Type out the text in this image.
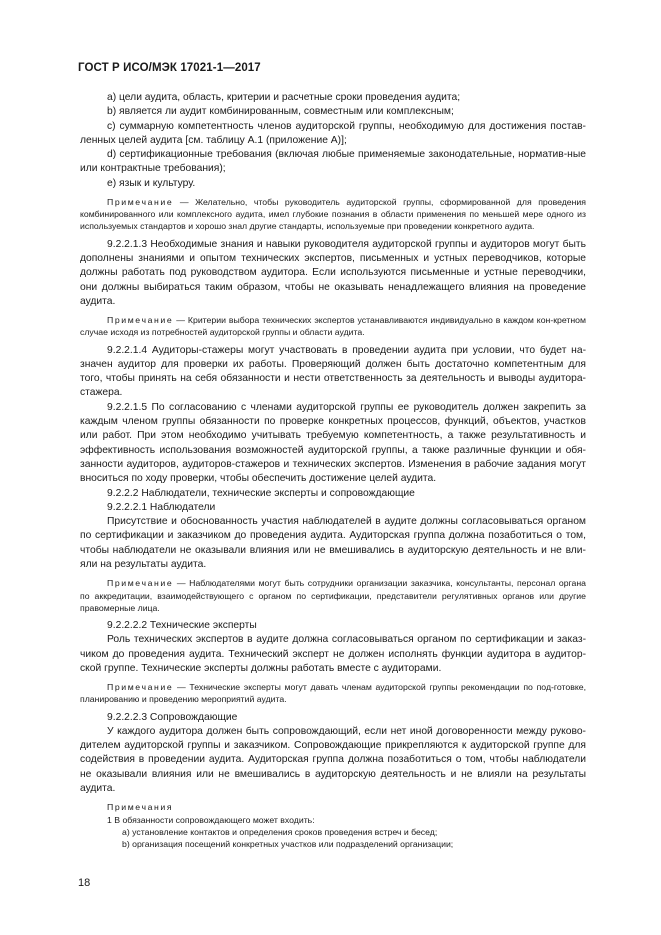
ГОСТ Р ИСО/МЭК 17021-1—2017

a) цели аудита, область, критерии и расчетные сроки проведения аудита;

b) является ли аудит комбинированным, совместным или комплексным;

c) суммарную компетентность членов аудиторской группы, необходимую для достижения постав-ленных целей аудита [см. таблицу А.1 (приложение А)];

d) сертификационные требования (включая любые применяемые законодательные, норматив-ные или контрактные требования);

e) язык и культуру.

Примечание — Желательно, чтобы руководитель аудиторской группы, сформированной для проведения комбинированного или комплексного аудита, имел глубокие познания в области применения по меньшей мере одного из используемых стандартов и хорошо знал другие стандарты, используемые при проведении конкретного аудита.

9.2.2.1.3 Необходимые знания и навыки руководителя аудиторской группы и аудиторов могут быть дополнены знаниями и опытом технических экспертов, письменных и устных переводчиков, которые должны работать под руководством аудитора. Если используются письменные и устные переводчики, они должны выбираться таким образом, чтобы не оказывать ненадлежащего влияния на проведение аудита.

Примечание — Критерии выбора технических экспертов устанавливаются индивидуально в каждом кон-кретном случае исходя из потребностей аудиторской группы и области аудита.

9.2.2.1.4 Аудиторы-стажеры могут участвовать в проведении аудита при условии, что будет на-значен аудитор для проверки их работы. Проверяющий должен быть достаточно компетентным для того, чтобы принять на себя обязанности и нести ответственность за деятельность и выводы аудитора-стажера.

9.2.2.1.5 По согласованию с членами аудиторской группы ее руководитель должен закрепить за каждым членом группы обязанности по проверке конкретных процессов, функций, объектов, участков или работ. При этом необходимо учитывать требуемую компетентность, а также результативность и эффективность использования возможностей аудиторской группы, а также различные функции и обя-занности аудиторов, аудиторов-стажеров и технических экспертов. Изменения в рабочие задания могут вноситься по ходу проверки, чтобы обеспечить достижение целей аудита.

9.2.2.2 Наблюдатели, технические эксперты и сопровождающие

9.2.2.2.1 Наблюдатели

Присутствие и обоснованность участия наблюдателей в аудите должны согласовываться органом по сертификации и заказчиком до проведения аудита. Аудиторская группа должна позаботиться о том, чтобы наблюдатели не оказывали влияния или не вмешивались в аудиторскую деятельность и не вли-яли на результаты аудита.

Примечание — Наблюдателями могут быть сотрудники организации заказчика, консультанты, персонал органа по аккредитации, взаимодействующего с органом по сертификации, представители регулятивных органов или другие правомерные лица.

9.2.2.2.2 Технические эксперты

Роль технических экспертов в аудите должна согласовываться органом по сертификации и заказ-чиком до проведения аудита. Технический эксперт не должен исполнять функции аудитора в аудитор-ской группе. Технические эксперты должны работать вместе с аудиторами.

Примечание — Технические эксперты могут давать членам аудиторской группы рекомендации по под-готовке, планированию и проведению мероприятий аудита.

9.2.2.2.3 Сопровождающие

У каждого аудитора должен быть сопровождающий, если нет иной договоренности между руково-дителем аудиторской группы и заказчиком. Сопровождающие прикрепляются к аудиторской группе для содействия в проведении аудита. Аудиторская группа должна позаботиться о том, чтобы наблюдатели не оказывали влияния или не вмешивались в аудиторскую деятельность и не влияли на результаты аудита.

Примечания

1 В обязанности сопровождающего может входить:

a) установление контактов и определения сроков проведения встреч и бесед;

b) организация посещений конкретных участков или подразделений организации;

18
